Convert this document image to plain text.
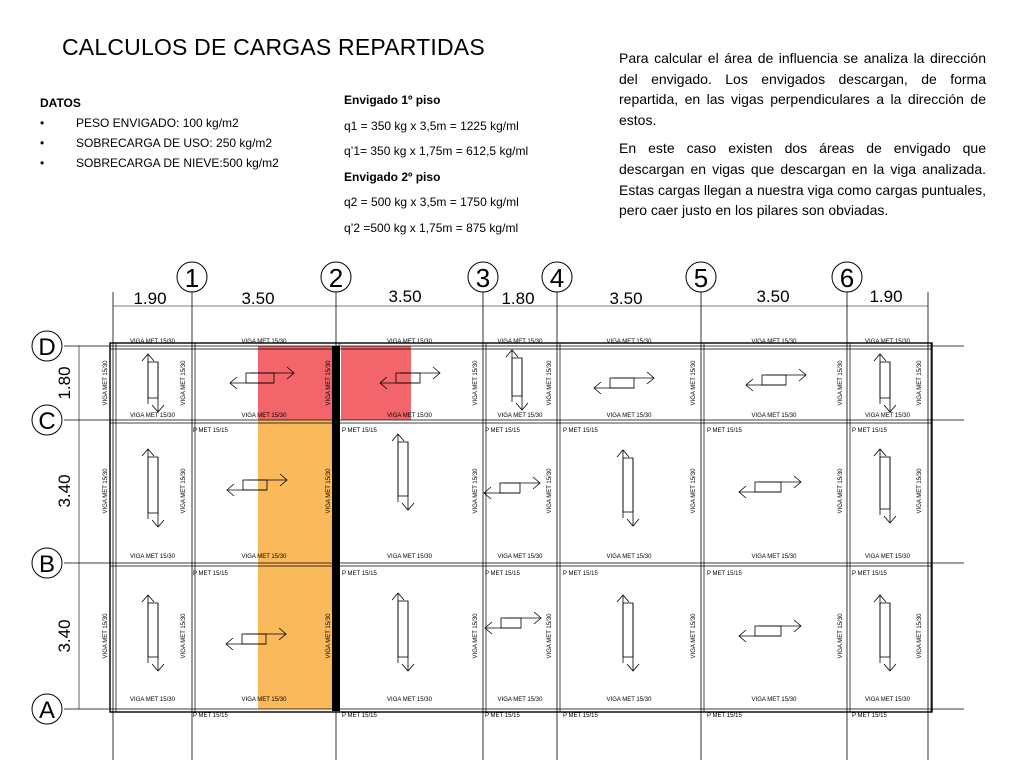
CALCULOS DE CARGAS REPARTIDAS
DATOS
• PESO ENVIGADO: 100 kg/m2
• SOBRECARGA DE USO: 250 kg/m2
• SOBRECARGA DE NIEVE:500 kg/m2
Envigado 1º piso
q1 = 350 kg x 3,5m = 1225 kg/ml
q’1= 350 kg x 1,75m = 612,5 kg/ml
Envigado 2º piso
q2 = 500 kg x 3,5m = 1750 kg/ml
q’2 =500 kg x 1,75m = 875 kg/ml

Para calcular el área de influencia se analiza la dirección del envigado. Los envigados descargan, de forma repartida, en las vigas perpendiculares a la dirección de estos.

En este caso existen dos áreas de envigado que descargan en vigas que descargan en la viga analizada. Estas cargas llegan a nuestra viga como cargas puntuales, pero caer justo en los pilares son obviadas.

1	2	3 4	5	6
D
C
B
A
1.90	3.50	3.50	1.80	3.50	3.50	1.90
1.80
3.40
3.40
VIGA MET 15/30
VIGA MET 15/30
VIGA MET 15/30
VIGA MET 15/30
VIGA MET 15/30
VIGA MET 15/30
VIGA MET 15/30
VIGA MET 15/30
VIGA MET 15/30
VIGA MET 15/30
VIGA MET 15/30
VIGA MET 15/30
VIGA MET 15/30
VIGA MET 15/30
VIGA MET 15/30
VIGA MET 15/30
VIGA MET 15/30
VIGA MET 15/30
VIGA MET 15/30
VIGA MET 15/30
VIGA MET 15/30
VIGA MET 15/30
VIGA MET 15/30
VIGA MET 15/30
VIGA MET 15/30
VIGA MET 15/30
VIGA MET 15/30
VIGA MET 15/30
VIGA MET 15/30
VIGA MET 15/30
VIGA MET 15/30
VIGA MET 15/30
VIGA MET 15/30
VIGA MET 15/30
VIGA MET 15/30
VIGA MET 15/30
VIGA MET 15/30
VIGA MET 15/30
VIGA MET 15/30
VIGA MET 15/30
VIGA MET 15/30
VIGA MET 15/30
VIGA MET 15/30
VIGA MET 15/30
VIGA MET 15/30
VIGA MET 15/30
VIGA MET 15/30
VIGA MET 15/30
VIGA MET 15/30
VIGA MET 15/30
VIGA MET 15/30
VIGA MET 15/30
P MET 15/15	P MET 15/15	P MET 15/15	P MET 15/15	P MET 15/15	P MET 15/15
P MET 15/15	P MET 15/15	P MET 15/15	P MET 15/15	P MET 15/15	P MET 15/15
P MET 15/15	P MET 15/15	P MET 15/15	P MET 15/15	P MET 15/15	P MET 15/15
